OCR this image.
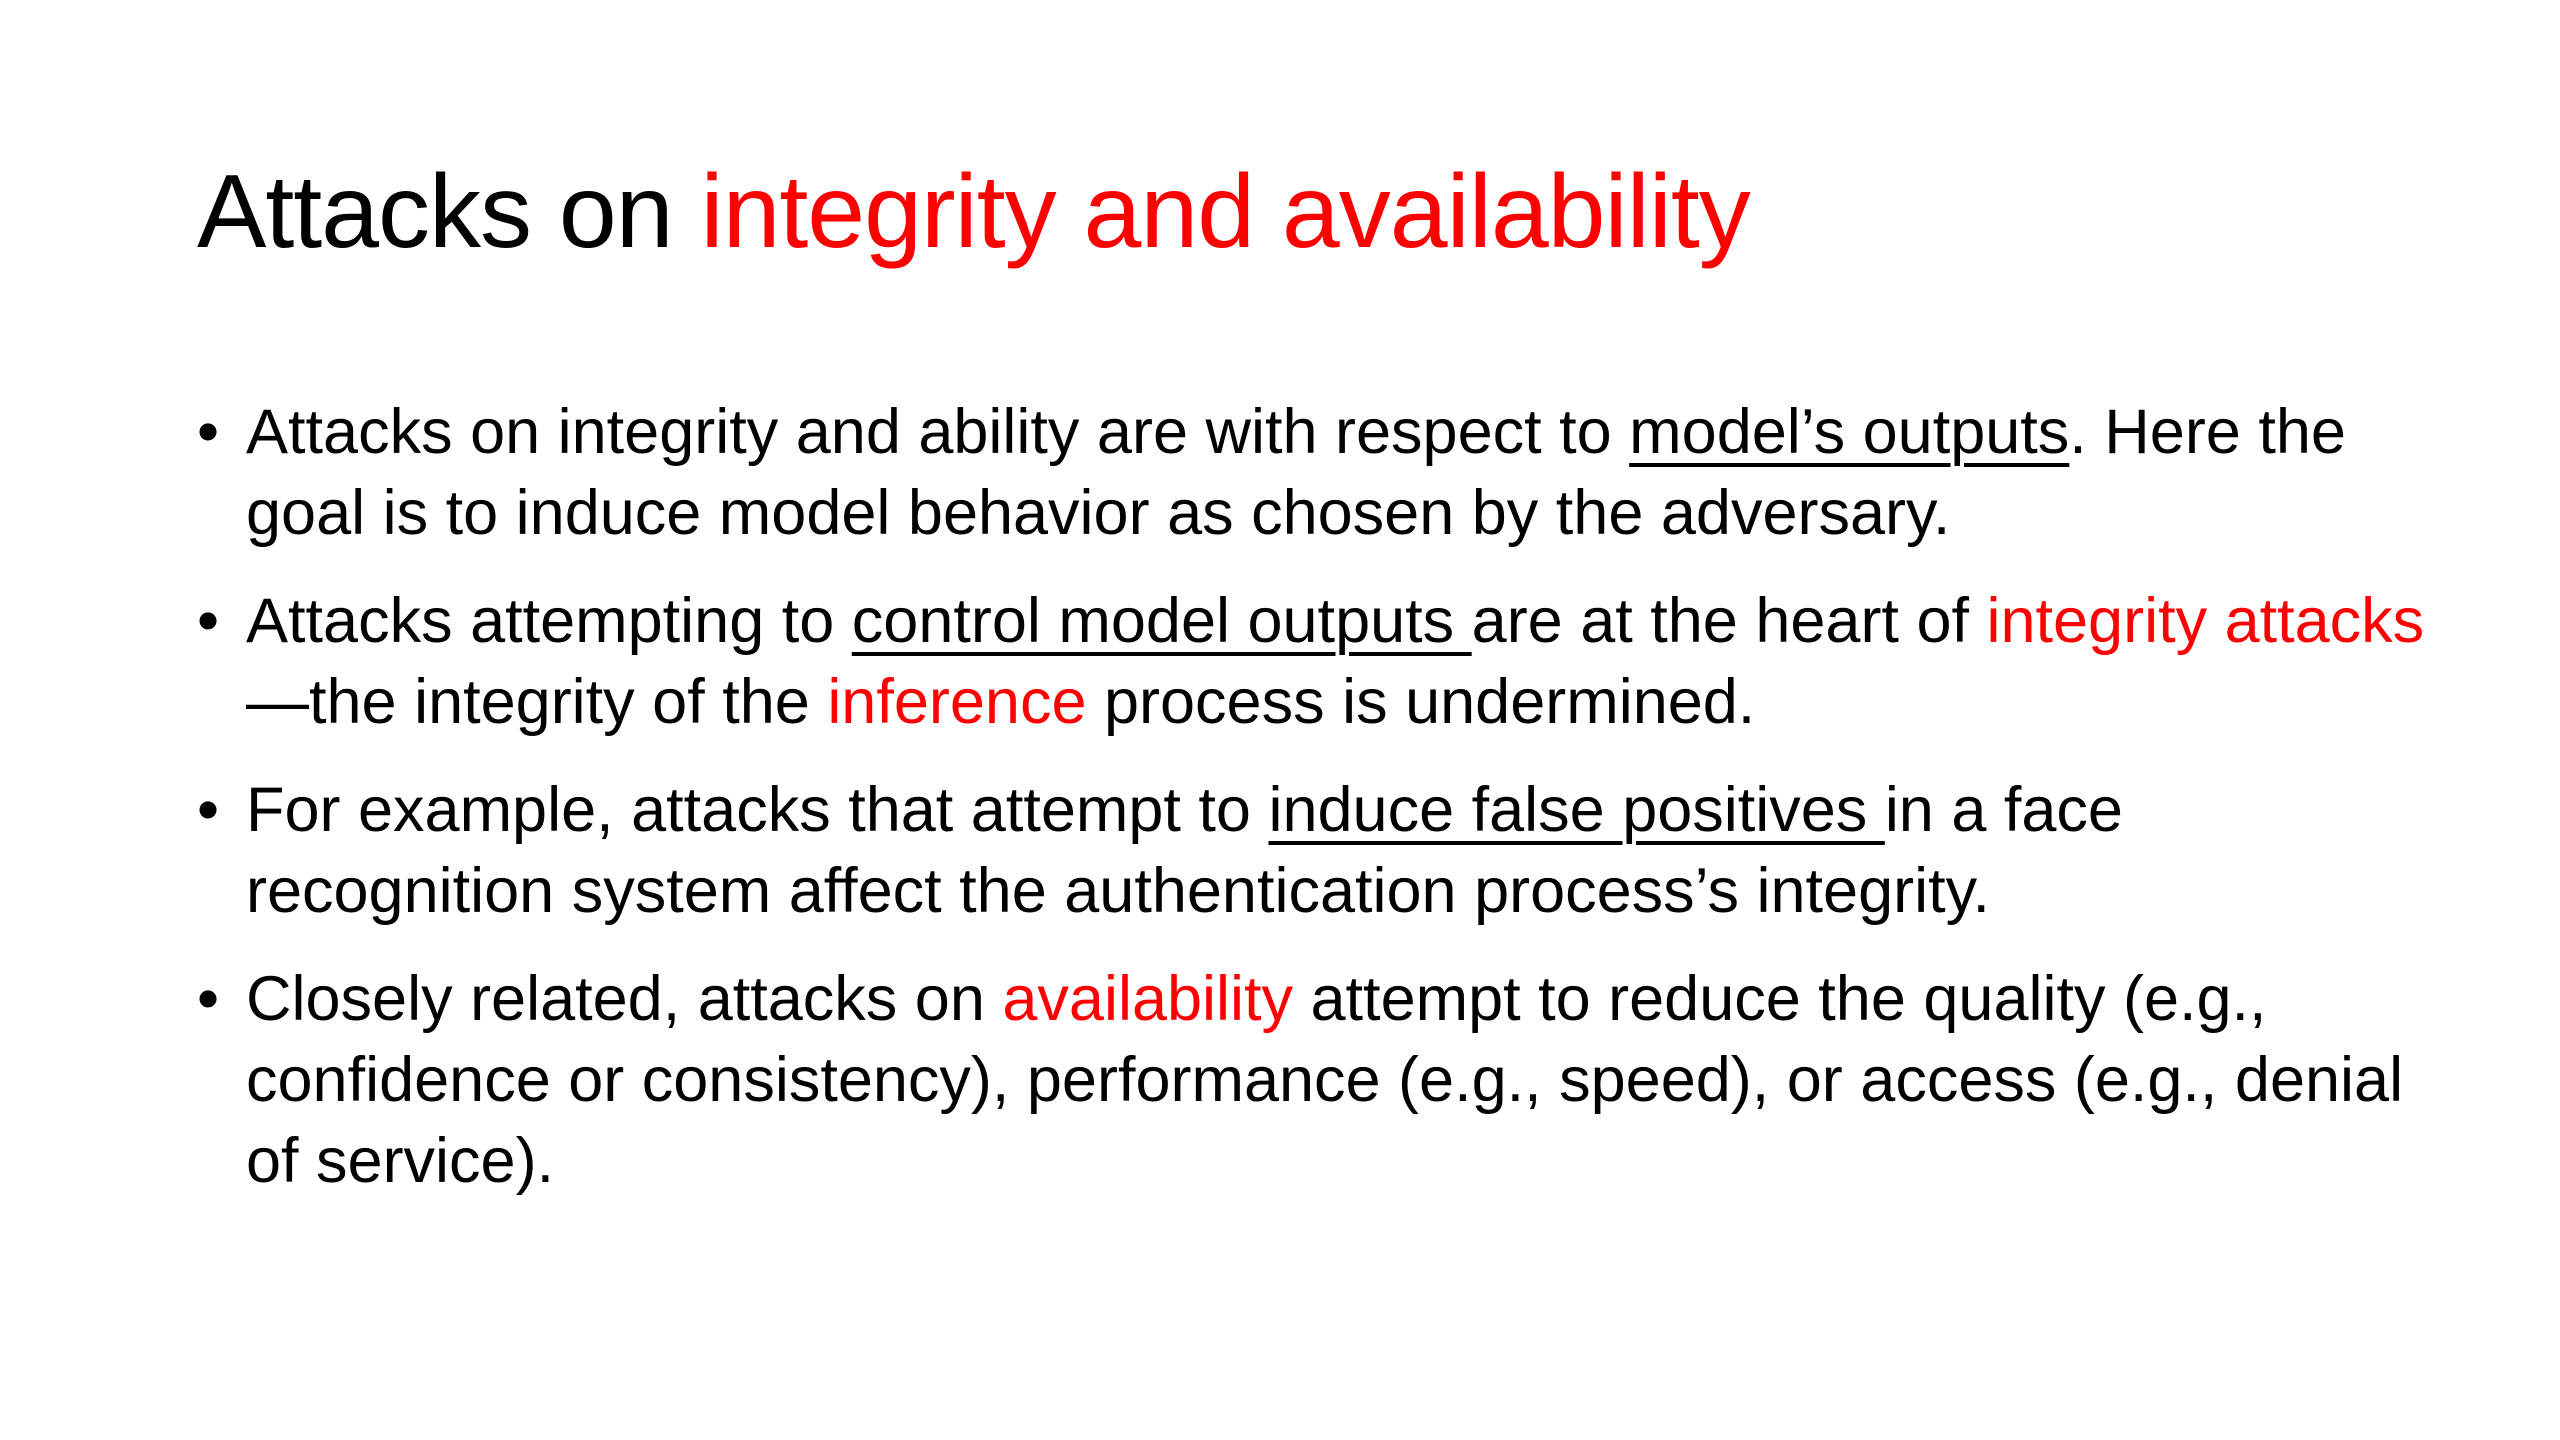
Attacks on integrity and availability
• Attacks on integrity and ability are with respect to model’s outputs. Here the goal is to induce model behavior as chosen by the adversary.
• Attacks attempting to control model outputs are at the heart of integrity attacks—the integrity of the inference process is undermined.
• For example, attacks that attempt to induce false positives in a face recognition system affect the authentication process’s integrity.
• Closely related, attacks on availability attempt to reduce the quality (e.g., confidence or consistency), performance (e.g., speed), or access (e.g., denial of service).
